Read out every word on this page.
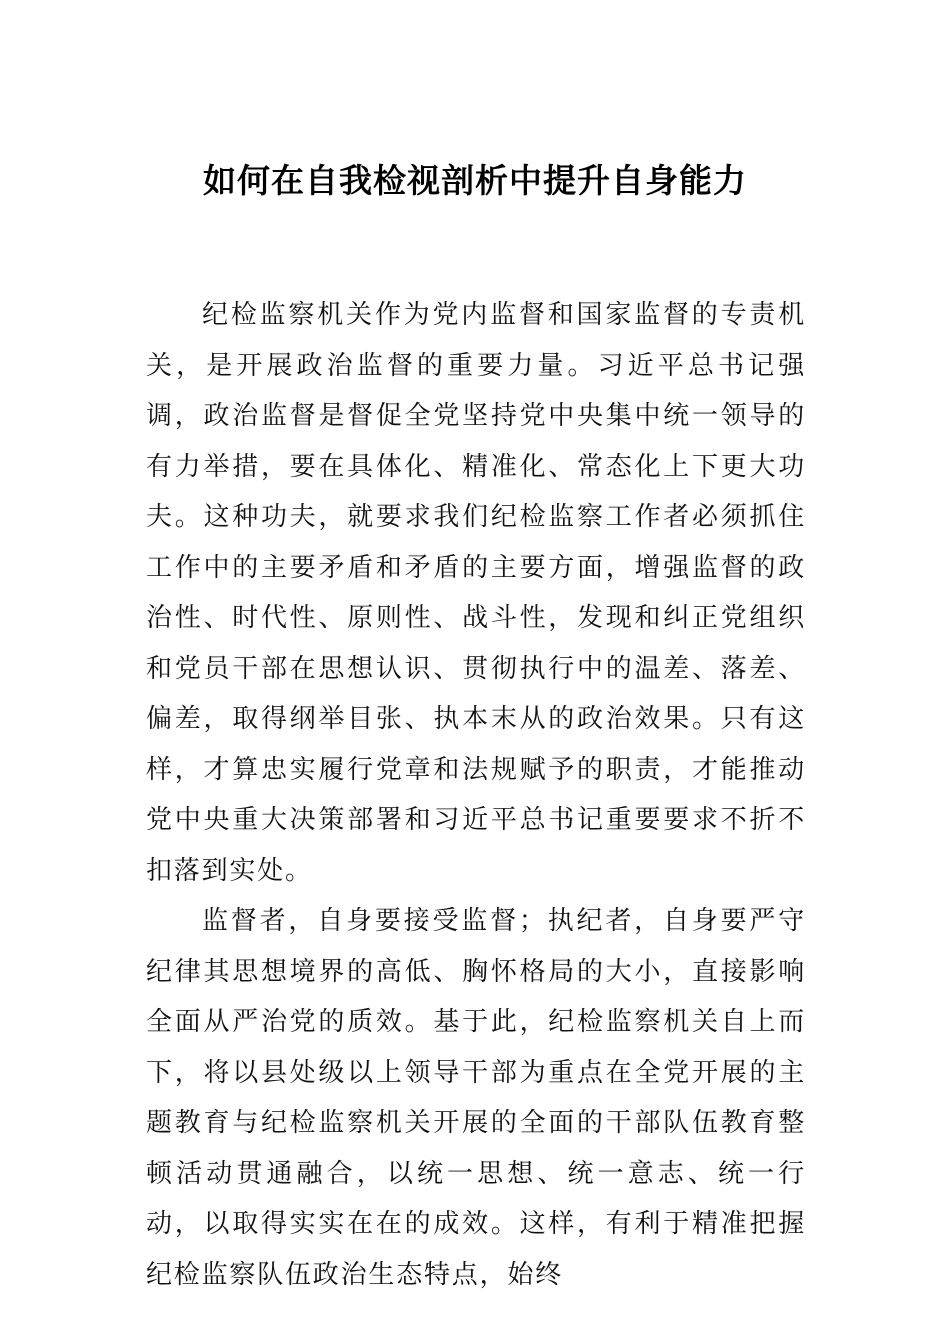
如何在自我检视剖析中提升自身能力

纪检监察机关作为党内监督和国家监督的专责机关，是开展政治监督的重要力量。习近平总书记强调，政治监督是督促全党坚持党中央集中统一领导的有力举措，要在具体化、精准化、常态化上下更大功夫。这种功夫，就要求我们纪检监察工作者必须抓住工作中的主要矛盾和矛盾的主要方面，增强监督的政治性、时代性、原则性、战斗性，发现和纠正党组织和党员干部在思想认识、贯彻执行中的温差、落差、偏差，取得纲举目张、执本末从的政治效果。只有这样，才算忠实履行党章和法规赋予的职责，才能推动党中央重大决策部署和习近平总书记重要要求不折不扣落到实处。

监督者，自身要接受监督；执纪者，自身要严守纪律其思想境界的高低、胸怀格局的大小，直接影响全面从严治党的质效。基于此，纪检监察机关自上而下，将以县处级以上领导干部为重点在全党开展的主题教育与纪检监察机关开展的全面的干部队伍教育整顿活动贯通融合，以统一思想、统一意志、统一行动，以取得实实在在的成效。这样，有利于精准把握纪检监察队伍政治生态特点，始终
